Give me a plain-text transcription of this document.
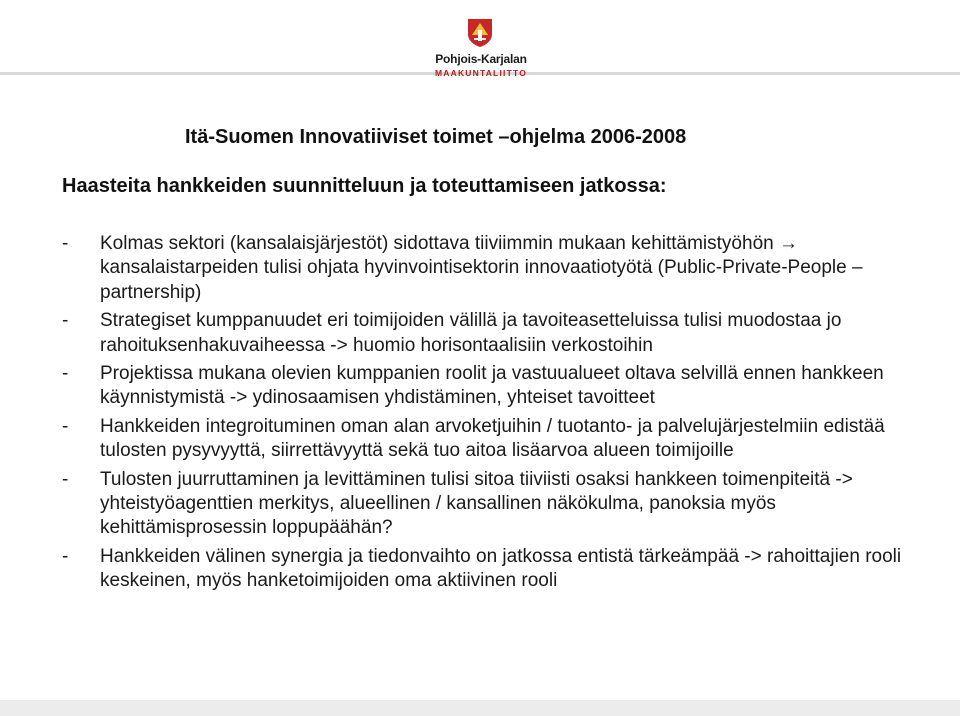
Pohjois-Karjalan
MAAKUNTALIITTO
Itä-Suomen Innovatiiviset toimet –ohjelma 2006-2008
Haasteita hankkeiden suunnitteluun ja toteuttamiseen jatkossa:
- Kolmas sektori (kansalaisjärjestöt) sidottava tiiviimmin mukaan kehittämistyöhön → kansalaistarpeiden tulisi ohjata hyvinvointisektorin innovaatiotyötä (Public-Private-People –partnership)
- Strategiset kumppanuudet eri toimijoiden välillä ja tavoiteasetteluissa tulisi muodostaa jo rahoituksenhakuvaiheessa -> huomio horisontaalisiin verkostoihin
- Projektissa mukana olevien kumppanien roolit ja vastuualueet oltava selvillä ennen hankkeen käynnistymistä -> ydinosaamisen yhdistäminen, yhteiset tavoitteet
- Hankkeiden integroituminen oman alan arvoketjuihin / tuotanto- ja palvelujärjestelmiin edistää tulosten pysyvyyttä, siirrettävyyttä sekä tuo aitoa lisäarvoa alueen toimijoille
- Tulosten juurruttaminen ja levittäminen tulisi sitoa tiiviisti osaksi hankkeen toimenpiteitä -> yhteistyöagenttien merkitys, alueellinen / kansallinen näkökulma, panoksia myös kehittämisprosessin loppupäähän?
- Hankkeiden välinen synergia ja tiedonvaihto on jatkossa entistä tärkeämpää -> rahoittajien rooli keskeinen, myös hanketoimijoiden oma aktiivinen rooli
